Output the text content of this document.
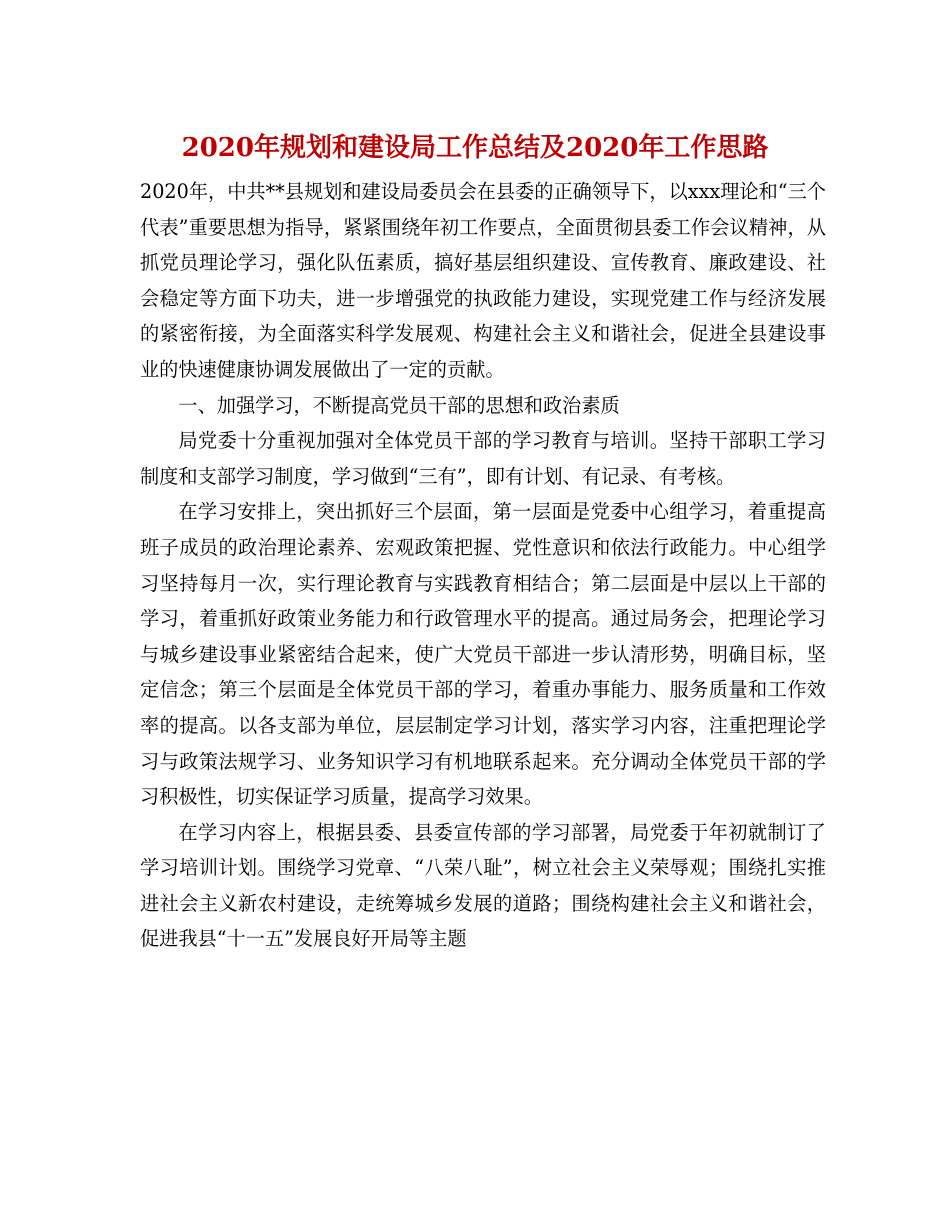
2020年规划和建设局工作总结及2020年工作思路

2020年，中共**县规划和建设局委员会在县委的正确领导下，以xxx理论和“三个代表”重要思想为指导，紧紧围绕年初工作要点，全面贯彻县委工作会议精神，从抓党员理论学习，强化队伍素质，搞好基层组织建设、宣传教育、廉政建设、社会稳定等方面下功夫，进一步增强党的执政能力建设，实现党建工作与经济发展的紧密衔接，为全面落实科学发展观、构建社会主义和谐社会，促进全县建设事业的快速健康协调发展做出了一定的贡献。

一、加强学习，不断提高党员干部的思想和政治素质

局党委十分重视加强对全体党员干部的学习教育与培训。坚持干部职工学习制度和支部学习制度，学习做到“三有”，即有计划、有记录、有考核。

在学习安排上，突出抓好三个层面，第一层面是党委中心组学习，着重提高班子成员的政治理论素养、宏观政策把握、党性意识和依法行政能力。中心组学习坚持每月一次，实行理论教育与实践教育相结合；第二层面是中层以上干部的学习，着重抓好政策业务能力和行政管理水平的提高。通过局务会，把理论学习与城乡建设事业紧密结合起来，使广大党员干部进一步认清形势，明确目标，坚定信念；第三个层面是全体党员干部的学习，着重办事能力、服务质量和工作效率的提高。以各支部为单位，层层制定学习计划，落实学习内容，注重把理论学习与政策法规学习、业务知识学习有机地联系起来。充分调动全体党员干部的学习积极性，切实保证学习质量，提高学习效果。

在学习内容上，根据县委、县委宣传部的学习部署，局党委于年初就制订了学习培训计划。围绕学习党章、“八荣八耻”，树立社会主义荣辱观；围绕扎实推进社会主义新农村建设，走统筹城乡发展的道路；围绕构建社会主义和谐社会，促进我县“十一五”发展良好开局等主题
